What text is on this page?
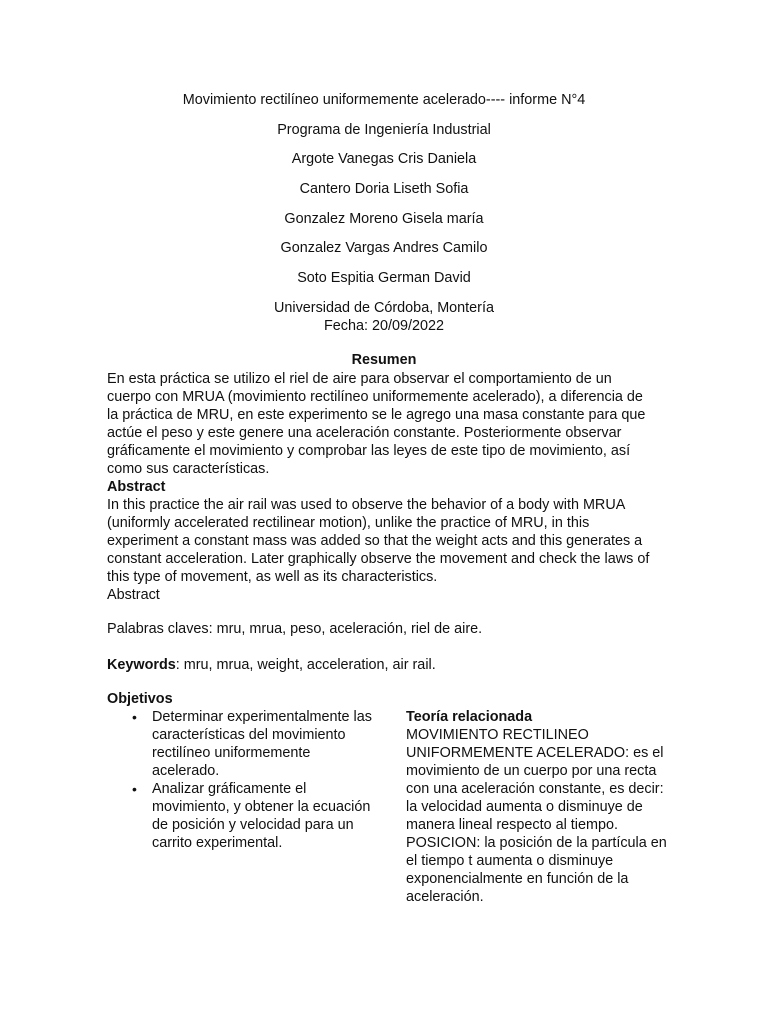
Movimiento rectilíneo uniformemente acelerado---- informe N°4
Programa de Ingeniería Industrial
Argote Vanegas Cris Daniela
Cantero Doria Liseth Sofia
Gonzalez Moreno Gisela maría
Gonzalez Vargas Andres Camilo
Soto Espitia German David
Universidad de Córdoba, Montería
Fecha: 20/09/2022
Resumen

En esta práctica se utilizo el riel de aire para observar el comportamiento de un cuerpo con MRUA (movimiento rectilíneo uniformemente acelerado), a diferencia de la práctica de MRU, en este experimento se le agrego una masa constante para que actúe el peso y este genere una aceleración constante. Posteriormente observar gráficamente el movimiento y comprobar las leyes de este tipo de movimiento, así como sus características.

Abstract

In this practice the air rail was used to observe the behavior of a body with MRUA (uniformly accelerated rectilinear motion), unlike the practice of MRU, in this experiment a constant mass was added so that the weight acts and this generates a constant acceleration. Later graphically observe the movement and check the laws of this type of movement, as well as its characteristics.

Abstract

Palabras claves: mru, mrua, peso, aceleración, riel de aire.
Keywords: mru, mrua, weight, acceleration, air rail.

Objetivos

• Determinar experimentalmente las características del movimiento rectilíneo uniformemente acelerado.
• Analizar gráficamente el movimiento, y obtener la ecuación de posición y velocidad para un carrito experimental.

Teoría relacionada

MOVIMIENTO RECTILINEO UNIFORMEMENTE ACELERADO: es el movimiento de un cuerpo por una recta con una aceleración constante, es decir: la velocidad aumenta o disminuye de manera lineal respecto al tiempo.

POSICION: la posición de la partícula en el tiempo t aumenta o disminuye exponencialmente en función de la aceleración.
